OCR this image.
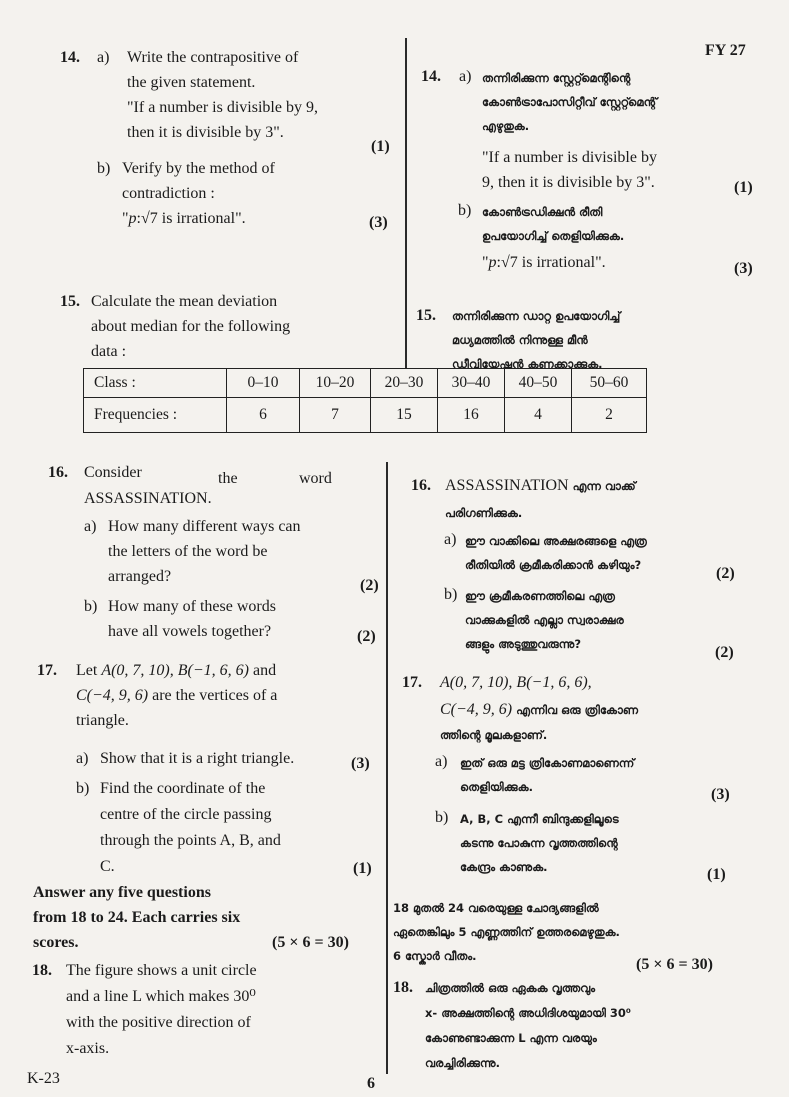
FY 27
14. a) Write the contrapositive of

the given statement.

"If a number is divisible by 9,

then it is divisible by 3".

(1)
b) Verify by the method of

contradiction :

"p:√7 is irrational".	(3)
15. Calculate the mean deviation

about median for the following

data :

Class :	0–10	10–20	20–30	30–40	40–50	50–60
Frequencies :	6	7	15	16	4	2
16. Consider	the	word
ASSASSINATION.
a) How many different ways can

the letters of the word be

arranged?

(2)
b) How many of these words

have all vowels together?	(2)
17. Let A(0, 7, 10), B(−1, 6, 6) and

C(−4, 9, 6) are the vertices of a

triangle.

a) Show that it is a right triangle.	(3)
b) Find the coordinate of the

centre of the circle passing

through the points A, B, and

C.	(1)

Answer any five questions

from 18 to 24. Each carries six

scores.	(5 × 6 = 30)
18. The figure shows a unit circle

and a line L which makes 30⁰

with the positive direction of

x-axis.

K-23	6
14. a) തന്നിരിക്കുന്ന സ്റ്റേറ്റ്മെന്റിന്റെ

കോൺട്രാപോസിറ്റീവ് സ്റ്റേറ്റ്മെന്റ്

എഴുതുക.

"If a number is divisible by

9, then it is divisible by 3".	(1)
b) കോൺട്രഡിക്ഷൻ രീതി

ഉപയോഗിച്ച് തെളിയിക്കുക.

"p:√7 is irrational".	(3)
15. തന്നിരിക്കുന്ന ഡാറ്റ ഉപയോഗിച്ച്

മധ്യമത്തിൽ നിന്നുള്ള മീൻ

ഡീവിയേഷൻ കണക്കാക്കുക.

16. ASSASSINATION എന്ന വാക്ക്
പരിഗണിക്കുക.
a) ഈ വാക്കിലെ അക്ഷരങ്ങളെ എത്ര

രീതിയിൽ ക്രമീകരിക്കാൻ കഴിയും?	(2)
b) ഈ ക്രമീകരണത്തിലെ എത്ര

വാക്കുകളിൽ എല്ലാ സ്വരാക്ഷര

ങ്ങളും അടുത്തുവരുന്നു?	(2)
17. A(0, 7, 10), B(−1, 6, 6),
C(−4, 9, 6) എന്നിവ ഒരു ത്രികോണ
ത്തിന്റെ മൂലകളാണ്.
a) ഇത് ഒരു മട്ട ത്രികോണമാണെന്ന്

തെളിയിക്കുക.	(3)
b) A, B, C എന്നീ ബിന്ദുക്കളിലൂടെ

കടന്നു പോകുന്ന വൃത്തത്തിന്റെ

കേന്ദ്രം കാണുക.	(1)

18 മുതൽ 24 വരെയുള്ള ചോദ്യങ്ങളിൽ

ഏതെങ്കിലും 5 എണ്ണത്തിന് ഉത്തരമെഴുതുക.

6 സ്കോർ വീതം.	(5 × 6 = 30)
18. ചിത്രത്തിൽ ഒരു ഏകക വൃത്തവും

x- അക്ഷത്തിന്റെ അധിദിശയുമായി 30⁰

കോണുണ്ടാക്കുന്ന L എന്ന വരയും

വരച്ചിരിക്കുന്നു.
